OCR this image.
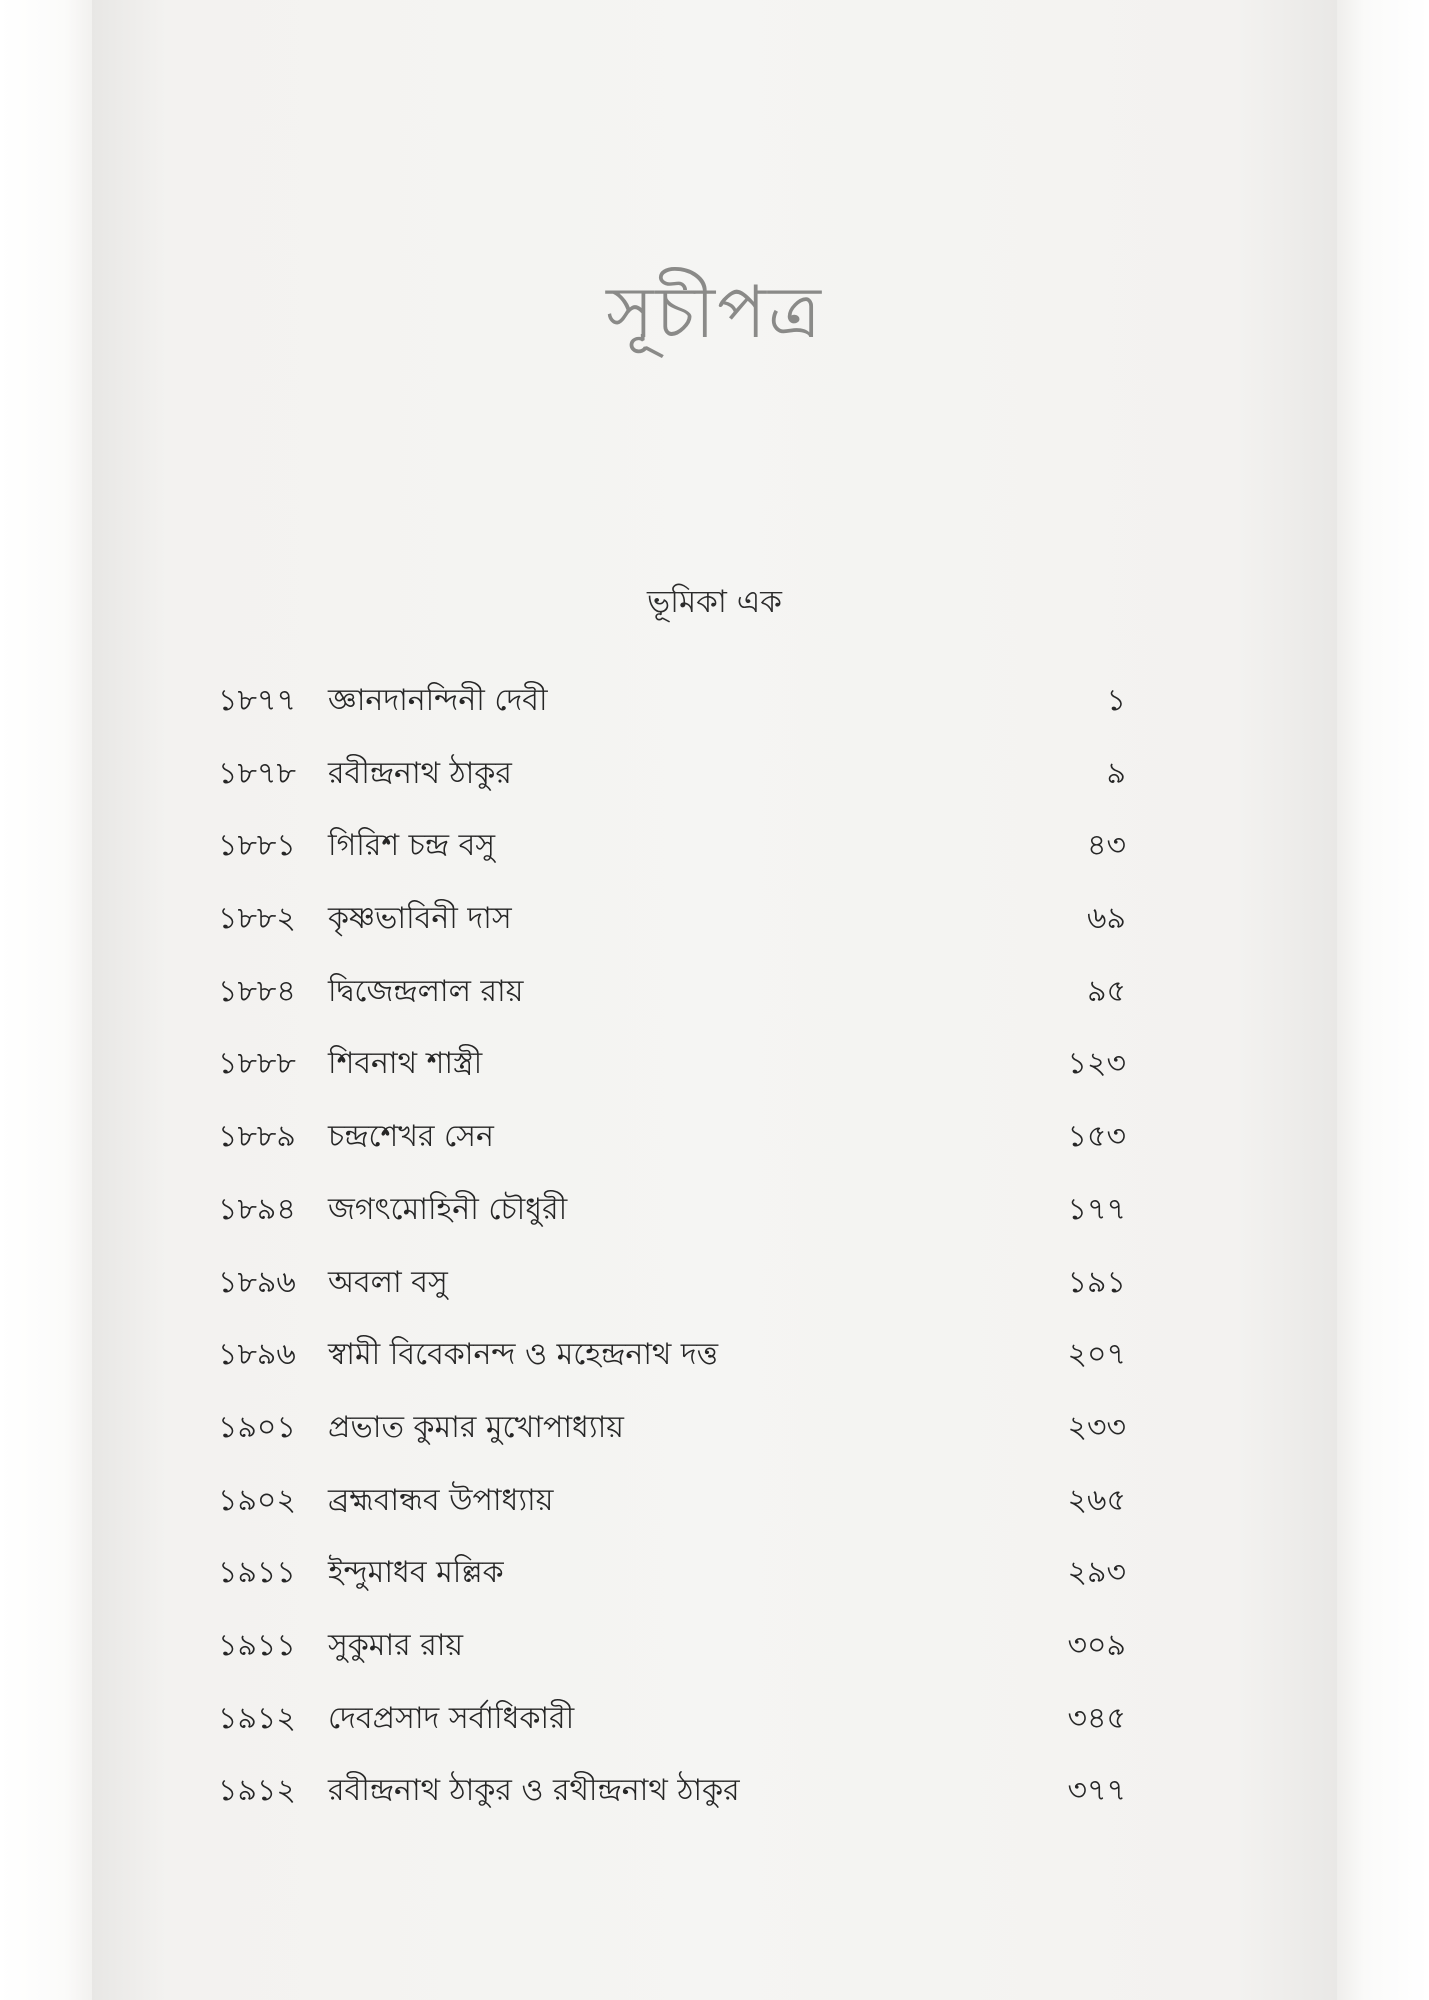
সূচীপত্র
ভূমিকা এক
১৮৭৭ জ্ঞানদানন্দিনী দেবী	১
১৮৭৮ রবীন্দ্রনাথ ঠাকুর	৯
১৮৮১ গিরিশ চন্দ্র বসু	৪৩
১৮৮২ কৃষ্ণভাবিনী দাস	৬৯
১৮৮৪ দ্বিজেন্দ্রলাল রায়	৯৫
১৮৮৮ শিবনাথ শাস্ত্রী	১২৩
১৮৮৯ চন্দ্রশেখর সেন	১৫৩
১৮৯৪ জগৎমোহিনী চৌধুরী	১৭৭
১৮৯৬ অবলা বসু	১৯১
১৮৯৬ স্বামী বিবেকানন্দ ও মহেন্দ্রনাথ দত্ত	২০৭
১৯০১ প্রভাত কুমার মুখোপাধ্যায়	২৩৩
১৯০২ ব্রহ্মবান্ধব উপাধ্যায়	২৬৫
১৯১১ ইন্দুমাধব মল্লিক	২৯৩
১৯১১ সুকুমার রায়	৩০৯
১৯১২ দেবপ্রসাদ সর্বাধিকারী	৩৪৫
১৯১২ রবীন্দ্রনাথ ঠাকুর ও রথীন্দ্রনাথ ঠাকুর	৩৭৭
